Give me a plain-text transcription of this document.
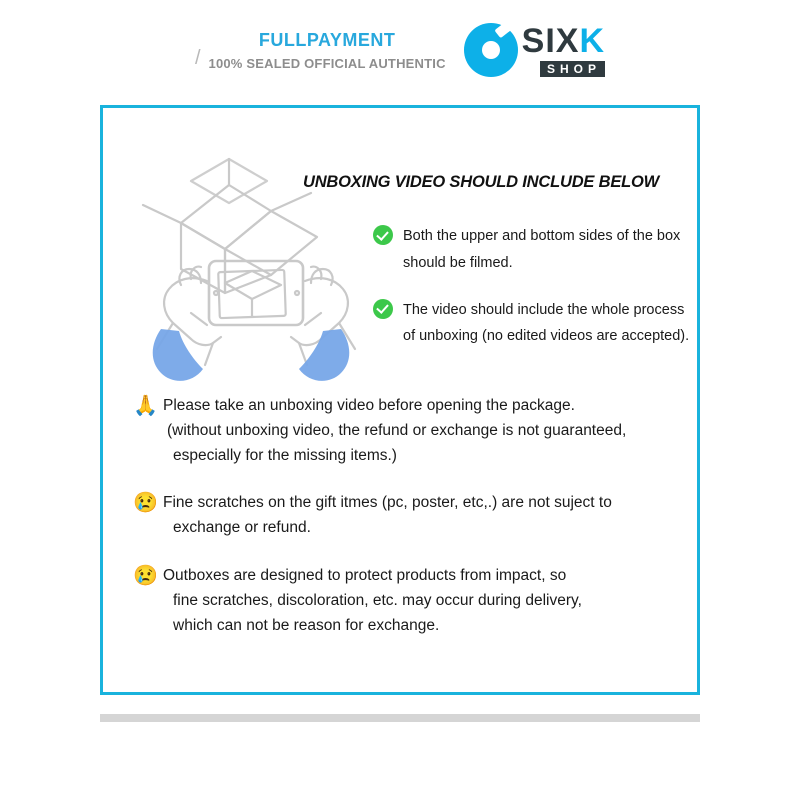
/
FULLPAYMENT
100% SEALED OFFICIAL AUTHENTIC
SIXK
SHOP
UNBOXING VIDEO SHOULD INCLUDE BELOW
Both the upper and bottom sides of the box should be filmed.
The video should include the whole process of unboxing (no edited videos are accepted).
🙏 Please take an unboxing video before opening the package.
(without unboxing video, the refund or exchange is not guaranteed,
especially for the missing items.)
😢 Fine scratches on the gift itmes (pc, poster, etc,.) are not suject to
exchange or refund.
😢 Outboxes are designed to protect products from impact, so
fine scratches, discoloration, etc. may occur during delivery,
which can not be reason for exchange.
